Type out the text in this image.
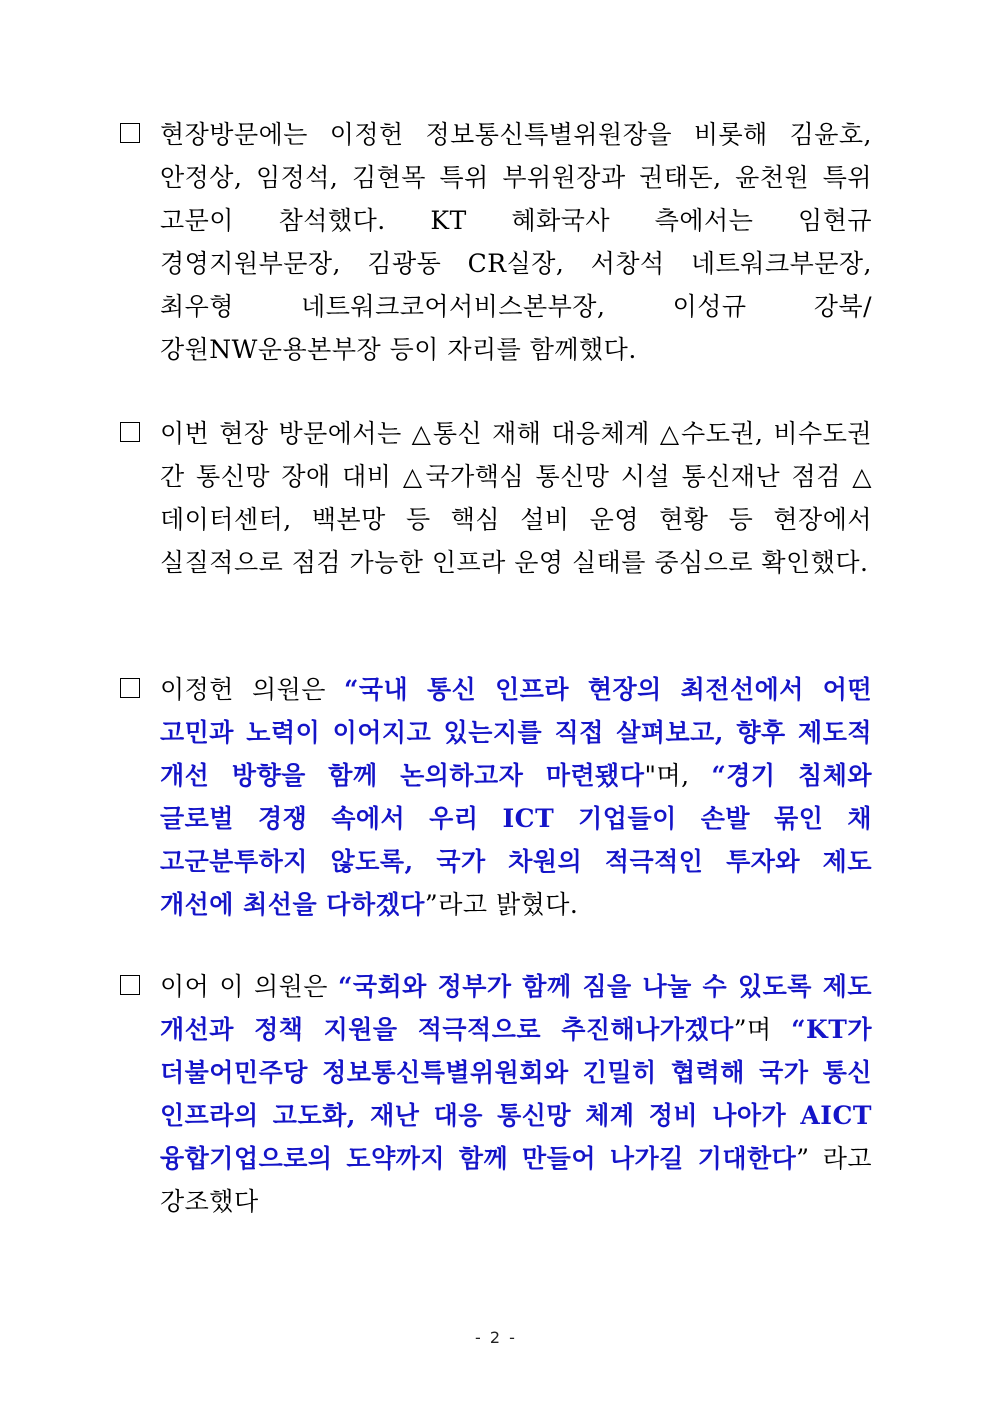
현장방문에는 이정헌 정보통신특별위원장을 비롯해 김윤호, 안정상, 임정석, 김현목 특위 부위원장과 권태돈, 윤천원 특위 고문이 참석했다. KT 혜화국사 측에서는 임현규 경영지원부문장, 김광동 CR실장, 서창석 네트워크부문장, 최우형 네트워크코어서비스본부장, 이성규 강북/강원NW운용본부장 등이 자리를 함께했다.
이번 현장 방문에서는 △통신 재해 대응체계 △수도권, 비수도권 간 통신망 장애 대비 △국가핵심 통신망 시설 통신재난 점검 △데이터센터, 백본망 등 핵심 설비 운영 현황 등 현장에서 실질적으로 점검 가능한 인프라 운영 실태를 중심으로 확인했다.
이정헌 의원은 “국내 통신 인프라 현장의 최전선에서 어떤 고민과 노력이 이어지고 있는지를 직접 살펴보고, 향후 제도적 개선 방향을 함께 논의하고자 마련됐다"며, “경기 침체와 글로벌 경쟁 속에서 우리 ICT 기업들이 손발 묶인 채 고군분투하지 않도록, 국가 차원의 적극적인 투자와 제도 개선에 최선을 다하겠다”라고 밝혔다.
이어 이 의원은 “국회와 정부가 함께 짐을 나눌 수 있도록 제도 개선과 정책 지원을 적극적으로 추진해나가겠다”며 “KT가 더불어민주당 정보통신특별위원회와 긴밀히 협력해 국가 통신 인프라의 고도화, 재난 대응 통신망 체계 정비 나아가 AICT 융합기업으로의 도약까지 함께 만들어 나가길 기대한다” 라고 강조했다
- 2 -
